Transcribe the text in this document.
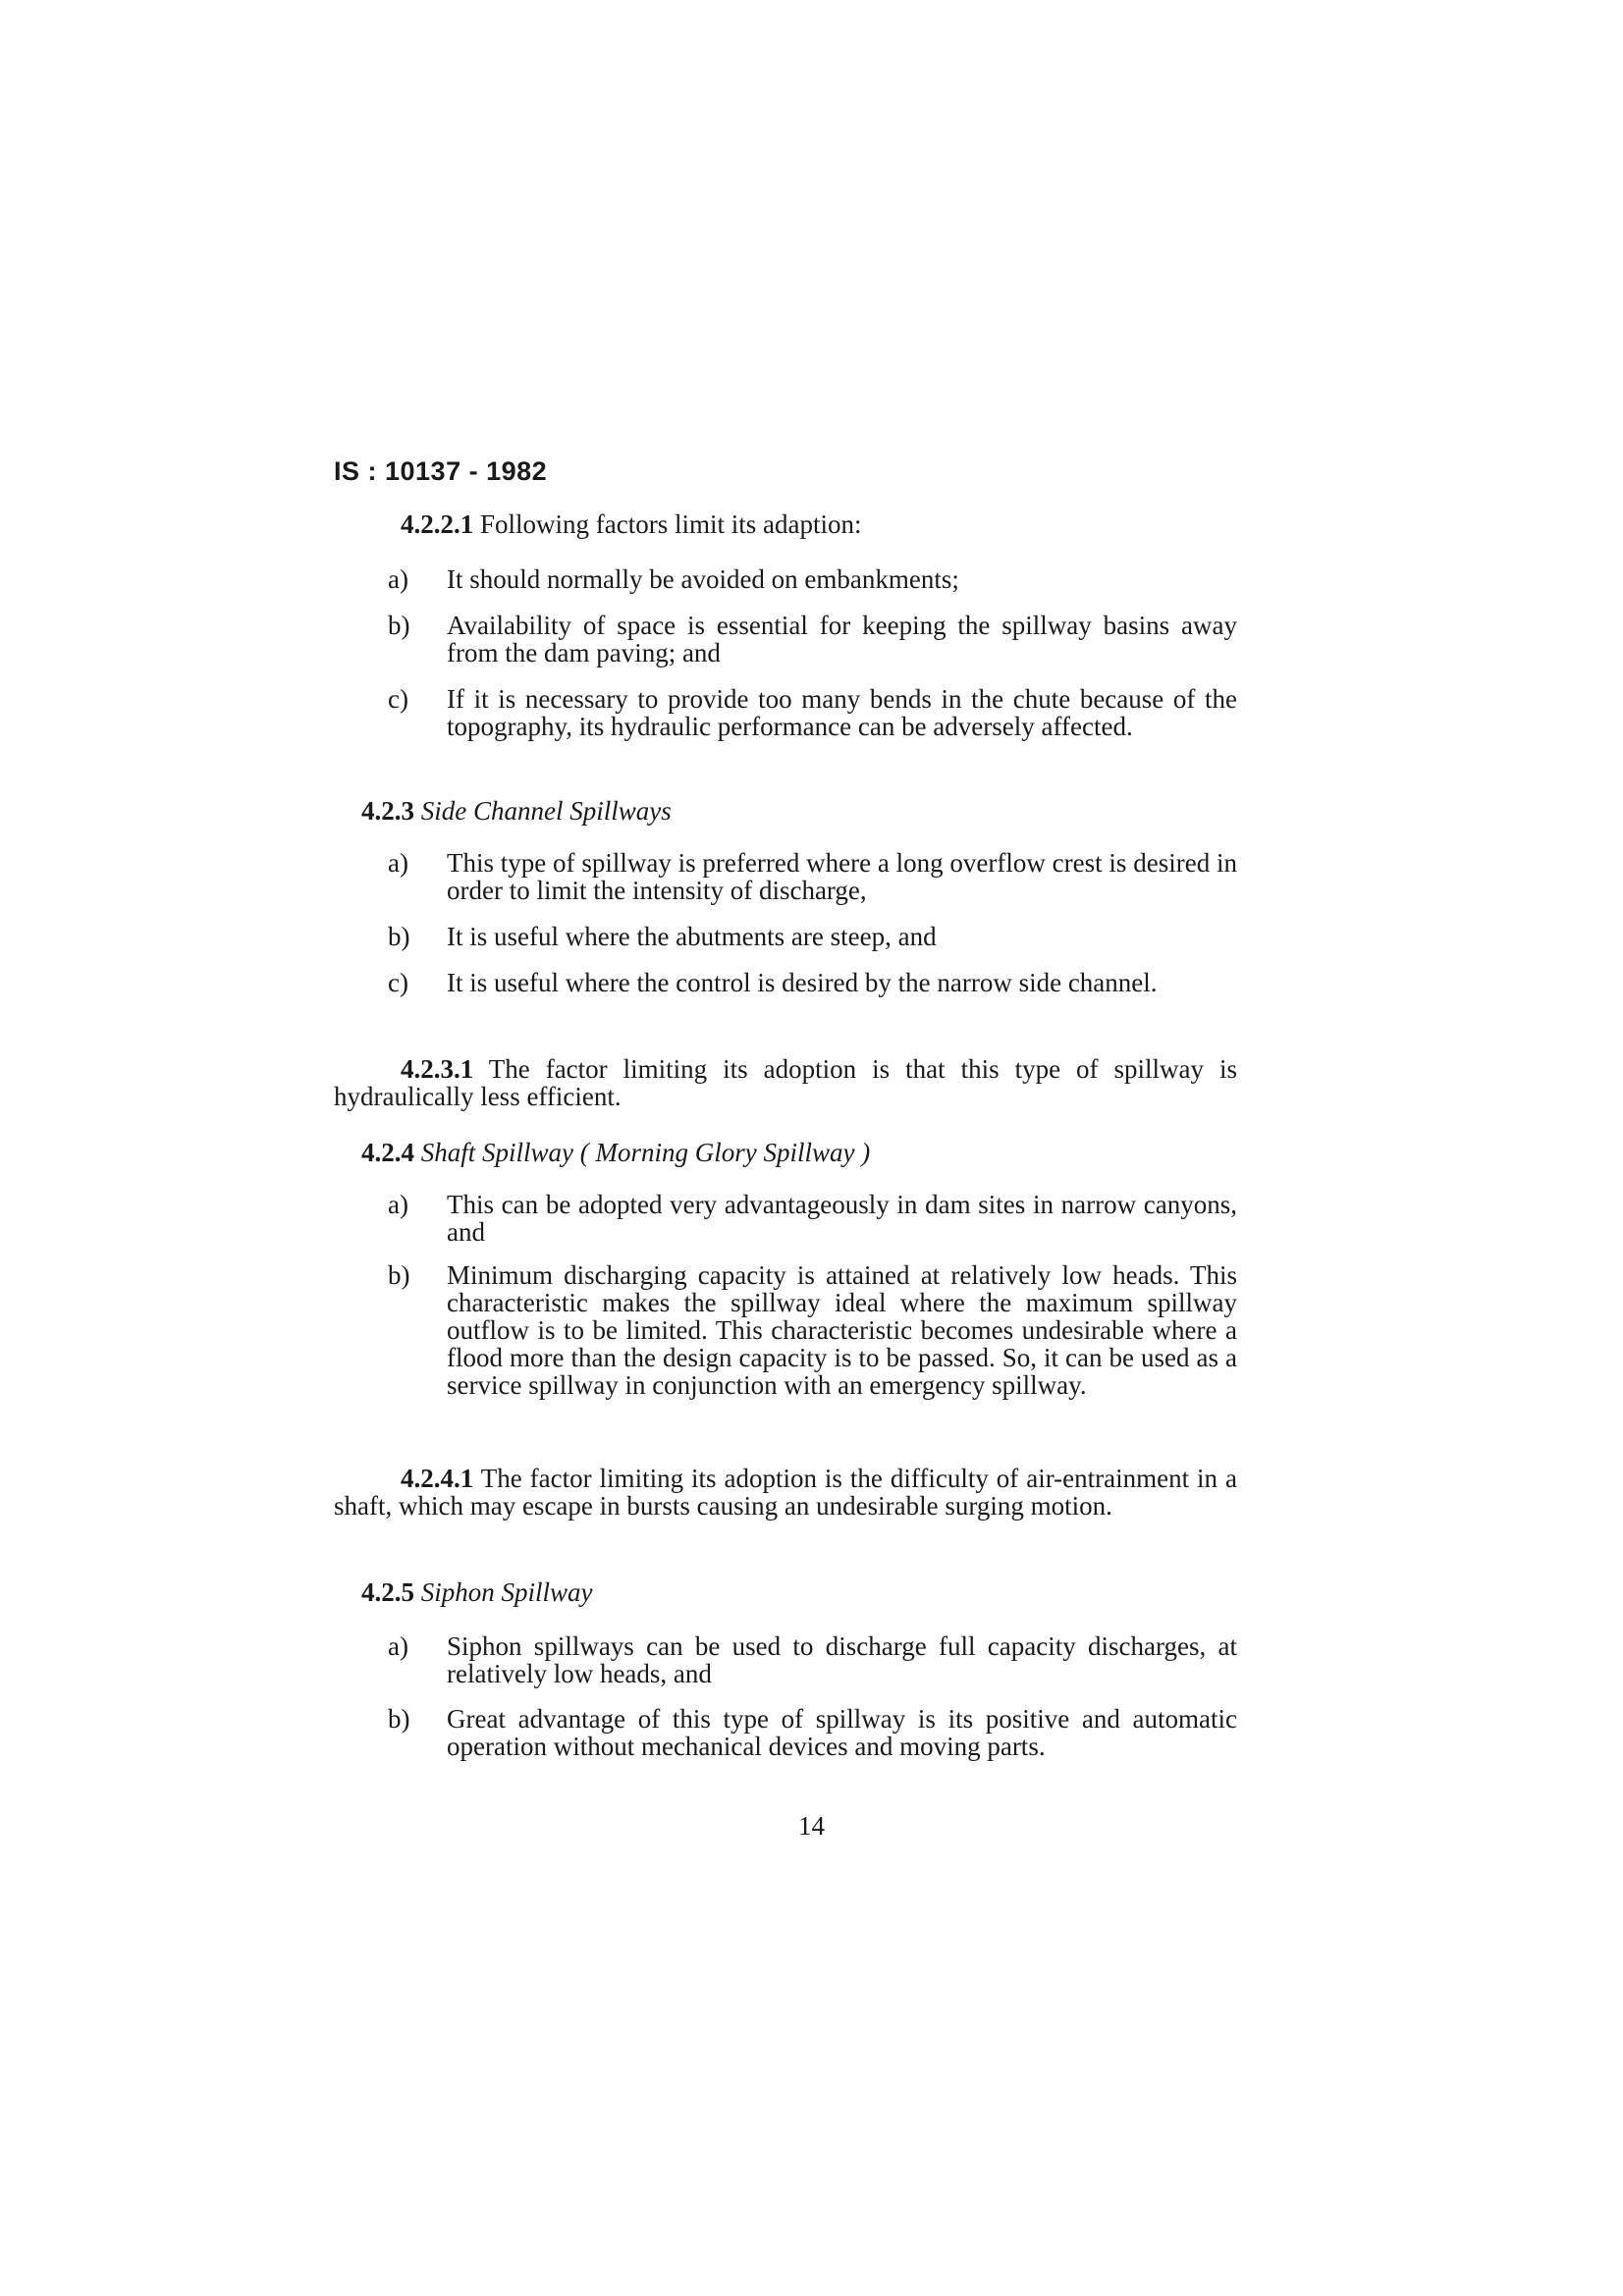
IS : 10137 - 1982
4.2.2.1 Following factors limit its adaption:
a)	It should normally be avoided on embankments;
b)	Availability of space is essential for keeping the spillway basins away from the dam paving; and
c)	If it is necessary to provide too many bends in the chute because of the topography, its hydraulic performance can be adversely affected.
4.2.3 Side Channel Spillways
a)	This type of spillway is preferred where a long overflow crest is desired in order to limit the intensity of discharge,
b)	It is useful where the abutments are steep, and
c)	It is useful where the control is desired by the narrow side channel.
4.2.3.1 The factor limiting its adoption is that this type of spillway is hydraulically less efficient.
4.2.4 Shaft Spillway ( Morning Glory Spillway )
a)	This can be adopted very advantageously in dam sites in narrow canyons, and
b)	Minimum discharging capacity is attained at relatively low heads. This characteristic makes the spillway ideal where the maximum spillway outflow is to be limited. This characteristic becomes undesirable where a flood more than the design capacity is to be passed. So, it can be used as a service spillway in conjunction with an emergency spillway.
4.2.4.1 The factor limiting its adoption is the difficulty of air-entrainment in a shaft, which may escape in bursts causing an undesirable surging motion.
4.2.5 Siphon Spillway
a)	Siphon spillways can be used to discharge full capacity discharges, at relatively low heads, and
b)	Great advantage of this type of spillway is its positive and automatic operation without mechanical devices and moving parts.
14
